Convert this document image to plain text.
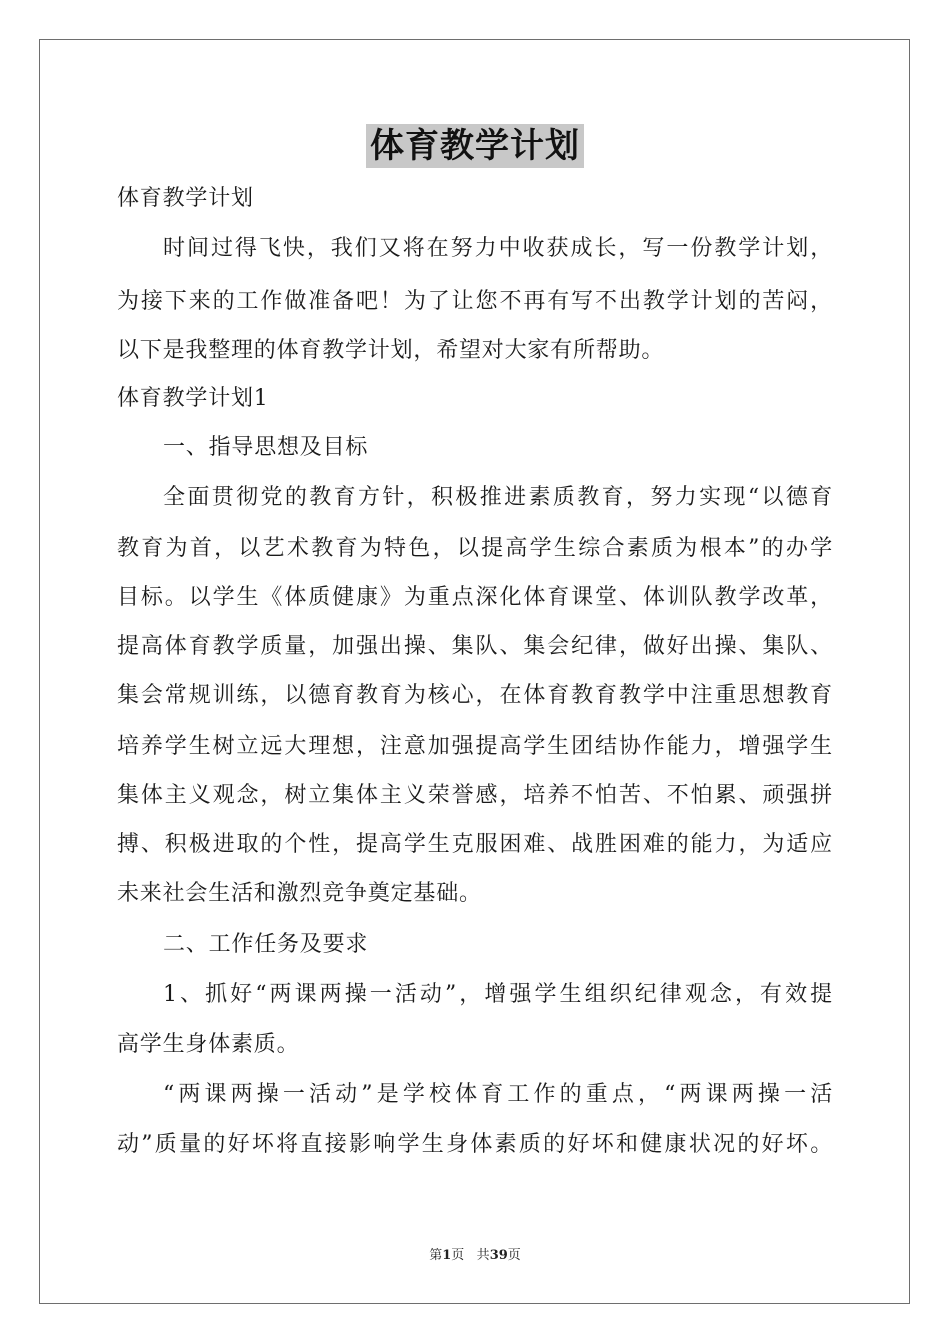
体育教学计划
体育教学计划
时间过得飞快，我们又将在努力中收获成长，写一份教学计划，
为接下来的工作做准备吧！为了让您不再有写不出教学计划的苦闷，
以下是我整理的体育教学计划，希望对大家有所帮助。
体育教学计划1
一、指导思想及目标
全面贯彻党的教育方针，积极推进素质教育，努力实现“以德育
教育为首，以艺术教育为特色，以提高学生综合素质为根本”的办学
目标。以学生《体质健康》为重点深化体育课堂、体训队教学改革，
提高体育教学质量，加强出操、集队、集会纪律，做好出操、集队、
集会常规训练，以德育教育为核心，在体育教育教学中注重思想教育
培养学生树立远大理想，注意加强提高学生团结协作能力，增强学生
集体主义观念，树立集体主义荣誉感，培养不怕苦、不怕累、顽强拼
搏、积极进取的个性，提高学生克服困难、战胜困难的能力，为适应
未来社会生活和激烈竞争奠定基础。
二、工作任务及要求
1、抓好“两课两操一活动”，增强学生组织纪律观念，有效提
高学生身体素质。
“两课两操一活动”是学校体育工作的重点，“两课两操一活
动”质量的好坏将直接影响学生身体素质的好坏和健康状况的好坏。
第1页 共39页
